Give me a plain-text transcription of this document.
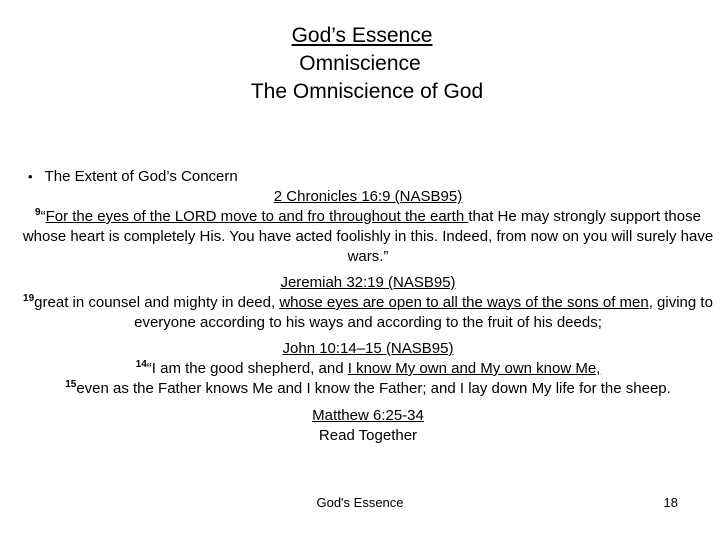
God’s Essence
Omniscience
The Omniscience of God
• The Extent of God’s Concern
2 Chronicles 16:9 (NASB95)
$^9$“For the eyes of the LORD move to and fro throughout the earth that He may strongly support those whose heart is completely His. You have acted foolishly in this. Indeed, from now on you will surely have wars.”
Jeremiah 32:19 (NASB95)
$^{19}$great in counsel and mighty in deed, whose eyes are open to all the ways of the sons of men, giving to everyone according to his ways and according to the fruit of his deeds;
John 10:14–15 (NASB95)
$^{14}$“I am the good shepherd, and I know My own and My own know Me,
$^{15}$even as the Father knows Me and I know the Father; and I lay down My life for the sheep.
Matthew 6:25-34
Read Together
God's Essence	18
